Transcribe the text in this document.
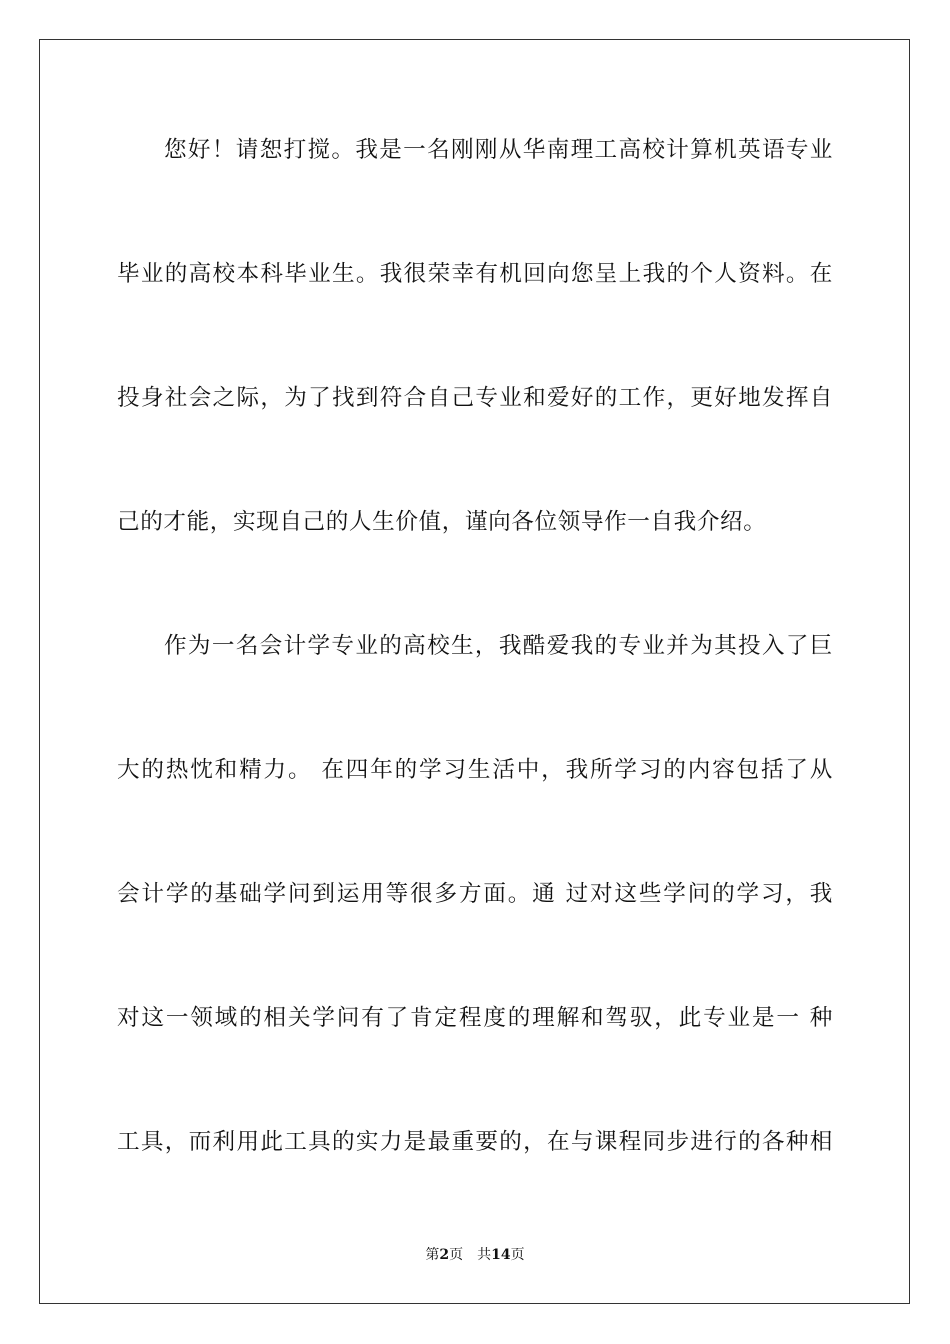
您好！请恕打搅。我是一名刚刚从华南理工高校计算机英语专业
毕业的高校本科毕业生。我很荣幸有机回向您呈上我的个人资料。在
投身社会之际，为了找到符合自己专业和爱好的工作，更好地发挥自
己的才能，实现自己的人生价值，谨向各位领导作一自我介绍。
作为一名会计学专业的高校生，我酷爱我的专业并为其投入了巨
大的热忱和精力。 在四年的学习生活中，我所学习的内容包括了从
会计学的基础学问到运用等很多方面。通 过对这些学问的学习，我
对这一领域的相关学问有了肯定程度的理解和驾驭，此专业是一 种
工具，而利用此工具的实力是最重要的，在与课程同步进行的各种相
第2页 共14页
